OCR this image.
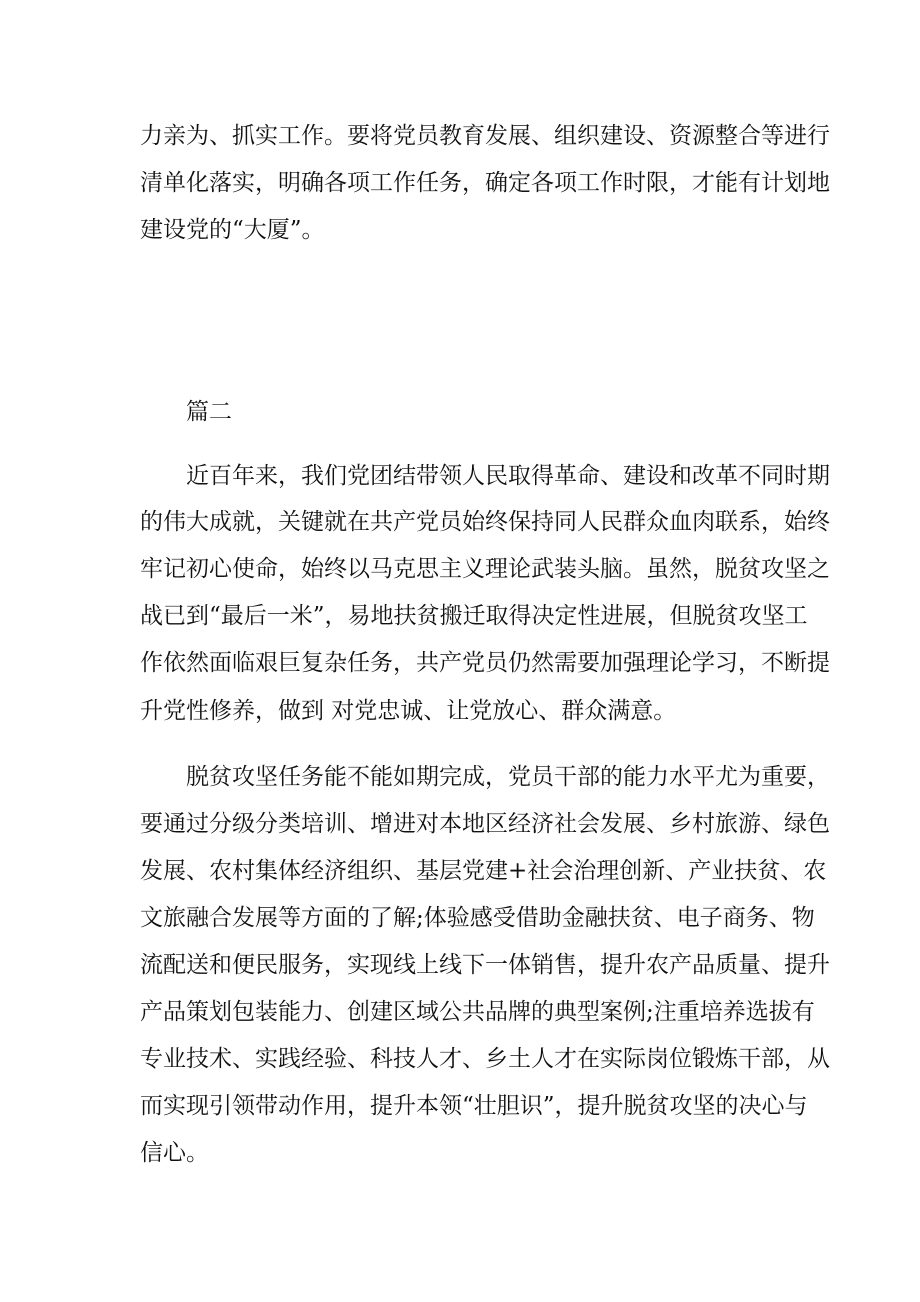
力亲为、抓实工作。要将党员教育发展、组织建设、资源整合等进行
清单化落实，明确各项工作任务，确定各项工作时限，才能有计划地
建设党的“大厦”。
篇二
近百年来，我们党团结带领人民取得革命、建设和改革不同时期
的伟大成就，关键就在共产党员始终保持同人民群众血肉联系，始终
牢记初心使命，始终以马克思主义理论武装头脑。虽然，脱贫攻坚之
战已到“最后一米”，易地扶贫搬迁取得决定性进展，但脱贫攻坚工
作依然面临艰巨复杂任务，共产党员仍然需要加强理论学习，不断提
升党性修养，做到 对党忠诚、让党放心、群众满意。
脱贫攻坚任务能不能如期完成，党员干部的能力水平尤为重要，
要通过分级分类培训、增进对本地区经济社会发展、乡村旅游、绿色
发展、农村集体经济组织、基层党建+社会治理创新、产业扶贫、农
文旅融合发展等方面的了解;体验感受借助金融扶贫、电子商务、物
流配送和便民服务，实现线上线下一体销售，提升农产品质量、提升
产品策划包装能力、创建区域公共品牌的典型案例;注重培养选拔有
专业技术、实践经验、科技人才、乡土人才在实际岗位锻炼干部，从
而实现引领带动作用，提升本领“壮胆识”，提升脱贫攻坚的决心与
信心。
